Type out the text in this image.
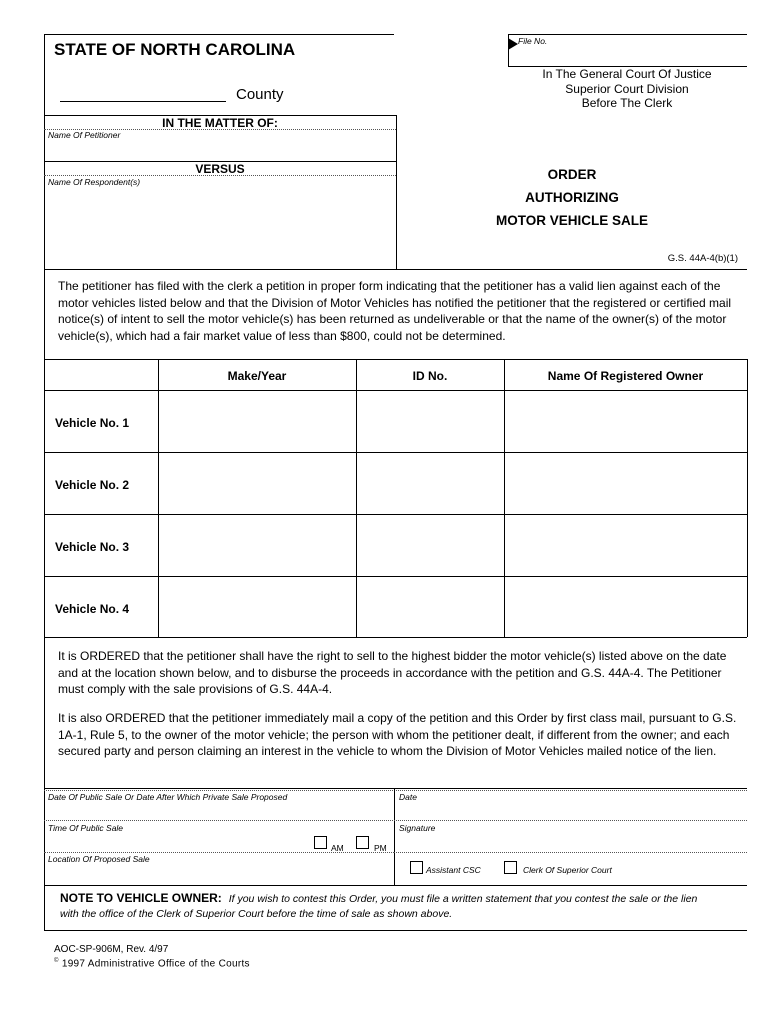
File No.
STATE OF NORTH CAROLINA
County
In The General Court Of Justice
Superior Court Division
Before The Clerk
IN THE MATTER OF:
Name Of Petitioner
VERSUS
Name Of Respondent(s)	ORDER
AUTHORIZING
MOTOR VEHICLE SALE
G.S. 44A-4(b)(1)
The petitioner has filed with the clerk a petition in proper form indicating that the petitioner has a valid lien against each of the motor vehicles listed below and that the Division of Motor Vehicles has notified the petitioner that the registered or certified mail notice(s) of intent to sell the motor vehicle(s) has been returned as undeliverable or that the name of the owner(s) of the motor vehicle(s), which had a fair market value of less than $800, could not be determined.
Make/Year	ID No.	Name Of Registered Owner
Vehicle No. 1
Vehicle No. 2
Vehicle No. 3
Vehicle No. 4
It is ORDERED that the petitioner shall have the right to sell to the highest bidder the motor vehicle(s) listed above on the date and at the location shown below, and to disburse the proceeds in accordance with the petition and G.S. 44A-4. The Petitioner must comply with the sale provisions of G.S. 44A-4.
It is also ORDERED that the petitioner immediately mail a copy of the petition and this Order by first class mail, pursuant to G.S. 1A-1, Rule 5, to the owner of the motor vehicle; the person with whom the petitioner dealt, if different from the owner; and each secured party and person claiming an interest in the vehicle to whom the Division of Motor Vehicles mailed notice of the lien.
Date Of Public Sale Or Date After Which Private Sale Proposed	Date
Time Of Public Sale	Signature
AM	PM
Location Of Proposed Sale
Assistant CSC	Clerk Of Superior Court
NOTE TO VEHICLE OWNER: If you wish to contest this Order, you must file a written statement that you contest the sale or the lien
with the office of the Clerk of Superior Court before the time of sale as shown above.
AOC-SP-906M, Rev. 4/97
© 1997 Administrative Office of the Courts
